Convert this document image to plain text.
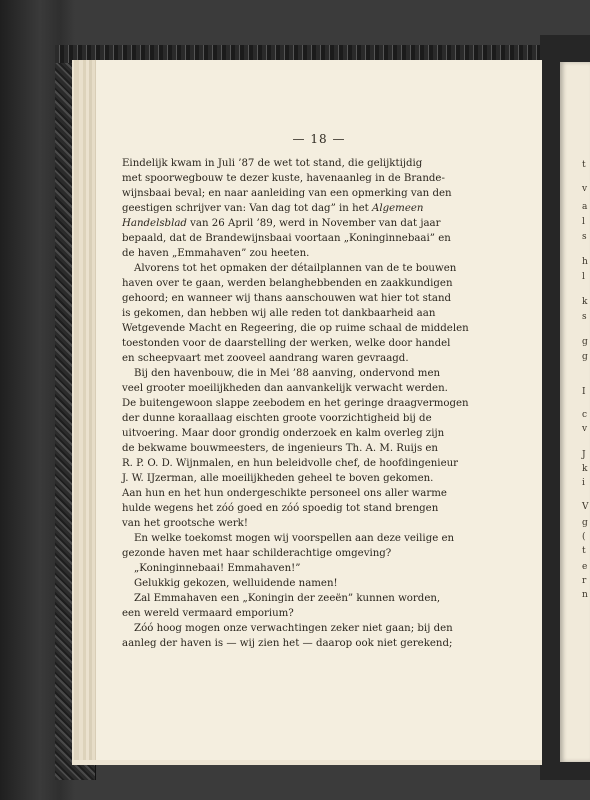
t
v
a
l
s
h
l
k
s
g
g
I
c
v
J
k
i
V
g
(
t
e
r
n
— 18 —
Eindelijk kwam in Juli ’87 de wet tot stand, die gelijktijdig
met spoorwegbouw te dezer kuste, havenaanleg in de Brande-
wijnsbaai beval; en naar aanleiding van een opmerking van den
geestigen schrijver van: Van dag tot dag” in het Algemeen
Handelsblad van 26 April ’89, werd in November van dat jaar
bepaald, dat de Brandewijnsbaai voortaan „Koninginnebaai” en
de haven „Emmahaven” zou heeten.
Alvorens tot het opmaken der détailplannen van de te bouwen
haven over te gaan, werden belanghebbenden en zaakkundigen
gehoord; en wanneer wij thans aanschouwen wat hier tot stand
is gekomen, dan hebben wij alle reden tot dankbaarheid aan
Wetgevende Macht en Regeering, die op ruime schaal de middelen
toestonden voor de daarstelling der werken, welke door handel
en scheepvaart met zooveel aandrang waren gevraagd.
Bij den havenbouw, die in Mei ’88 aanving, ondervond men
veel grooter moeilijkheden dan aanvankelijk verwacht werden.
De buitengewoon slappe zeebodem en het geringe draagvermogen
der dunne koraallaag eischten groote voorzichtigheid bij de
uitvoering. Maar door grondig onderzoek en kalm overleg zijn
de bekwame bouwmeesters, de ingenieurs Th. A. M. Ruijs en
R. P. O. D. Wijnmalen, en hun beleidvolle chef, de hoofdingenieur
J. W. IJzerman, alle moeilijkheden geheel te boven gekomen.
Aan hun en het hun ondergeschikte personeel ons aller warme
hulde wegens het zóó goed en zóó spoedig tot stand brengen
van het grootsche werk!
En welke toekomst mogen wij voorspellen aan deze veilige en
gezonde haven met haar schilderachtige omgeving?
„Koninginnebaai! Emmahaven!”
Gelukkig gekozen, welluidende namen!
Zal Emmahaven een „Koningin der zeeën” kunnen worden,
een wereld vermaard emporium?
Zóó hoog mogen onze verwachtingen zeker niet gaan; bij den
aanleg der haven is — wij zien het — daarop ook niet gerekend;
